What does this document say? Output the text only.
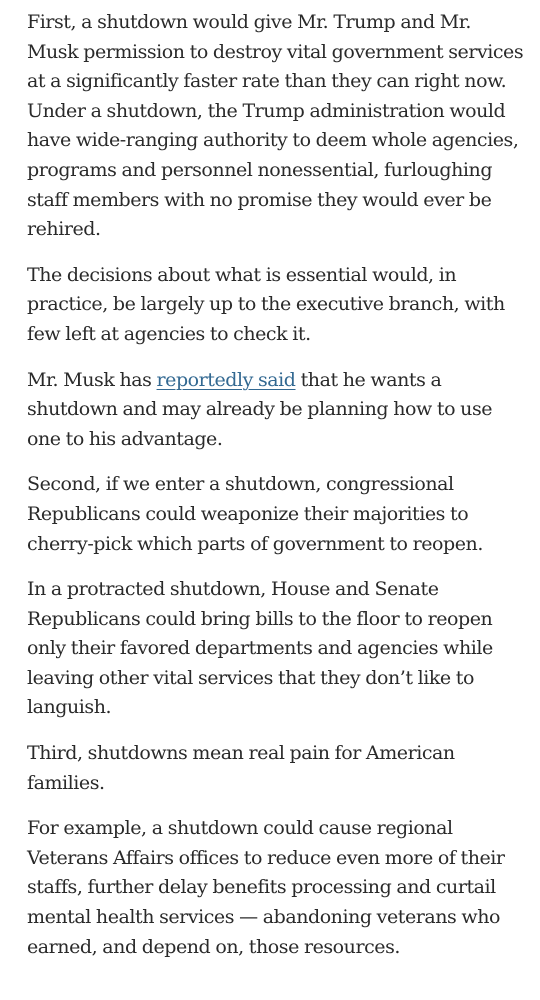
First, a shutdown would give Mr. Trump and Mr. Musk permission to destroy vital government services at a significantly faster rate than they can right now. Under a shutdown, the Trump administration would have wide-ranging authority to deem whole agencies, programs and personnel nonessential, furloughing staff members with no promise they would ever be rehired.

The decisions about what is essential would, in practice, be largely up to the executive branch, with few left at agencies to check it.

Mr. Musk has reportedly said that he wants a shutdown and may already be planning how to use one to his advantage.

Second, if we enter a shutdown, congressional Republicans could weaponize their majorities to cherry-pick which parts of government to reopen.

In a protracted shutdown, House and Senate Republicans could bring bills to the floor to reopen only their favored departments and agencies while leaving other vital services that they don’t like to languish.

Third, shutdowns mean real pain for American families.

For example, a shutdown could cause regional Veterans Affairs offices to reduce even more of their staffs, further delay benefits processing and curtail mental health services — abandoning veterans who earned, and depend on, those resources.
